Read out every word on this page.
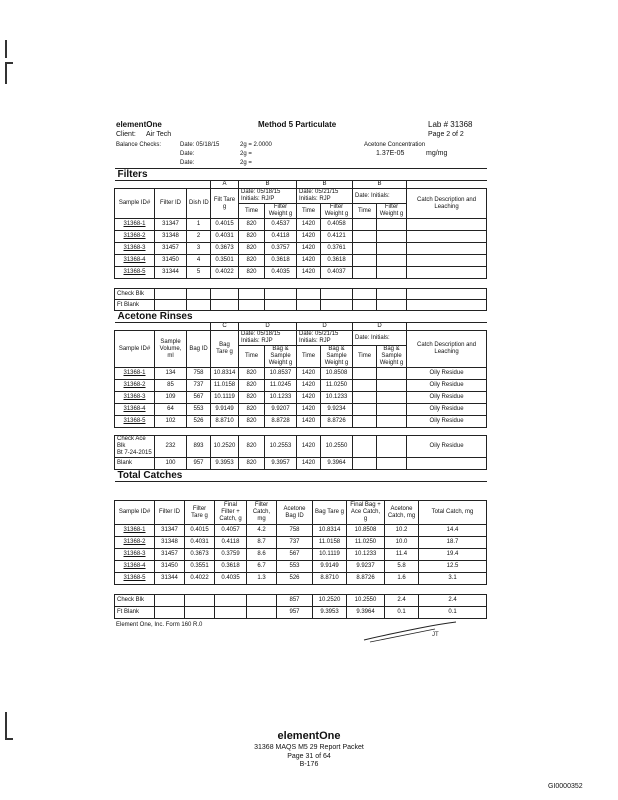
elementOne	Method 5 Particulate	Lab # 31368
Client: Air Tech	Page 2 of 2
Balance Checks:	Date: 05/18/15
Date:
Date:
2g = 2.0000
2g =
2g =
Acetone Concentration
1.37E-05	mg/mg
Filters										
			A	B		B		B		
Sample ID#	Filter ID	Dish ID	Filt Tare g	Date: 05/18/15 Initials: RJ/P		Date: 05/21/15 Initials: RJP		Date: Initials:		Catch Description and Leaching
				Time	Filter Weight g	Time	Filter Weight g	Time	Filter Weight g	
31368-1	31347	1	0.4015	820	0.4537	1420	0.4058			
31368-2	31348	2	0.4031	820	0.4118	1420	0.4121			
31368-3	31457	3	0.3673	820	0.3757	1420	0.3761			
31368-4	31450	4	0.3501	820	0.3618	1420	0.3618			
31368-5	31344	5	0.4022	820	0.4035	1420	0.4037			

Check Blk										
Ft Blank										
Acetone Rinses										
			C	D		D		D		
Sample ID#	Sample Volume, ml	Bag ID	Bag Tare g	Date: 05/18/15 Initials: RJP		Date: 05/21/15 Initials: RJP		Date: Initials:		Catch Description and Leaching
				Time	Bag & Sample Weight g	Time	Bag & Sample Weight g	Time	Bag & Sample Weight g	
31368-1	134	758	10.8314	820	10.8537	1420	10.8508			Oily Residue
31368-2	85	737	11.0158	820	11.0245	1420	11.0250			Oily Residue
31368-3	109	567	10.1119	820	10.1233	1420	10.1233			Oily Residue
31368-4	64	553	9.9149	820	9.9207	1420	9.9234			Oily Residue
31368-5	102	526	8.8710	820	8.8728	1420	8.8726			Oily Residue

Check Ace Blk
Bt 7-24-2015	232	893	10.2520	820	10.2553	1420	10.2550			Oily Residue
Blank	100	957	9.3953	820	9.3957	1420	9.3964			
Total Catches										
Sample ID#	Filter ID	Filter Tare g	Final Filter + Catch, g	Filter Catch, mg	Acetone Bag ID	Bag Tare g	Final Bag + Ace Catch, g	Acetone Catch, mg	Total Catch, mg
31368-1	31347	0.4015	0.4057	4.2	758	10.8314	10.8508	10.2	14.4
31368-2	31348	0.4031	0.4118	8.7	737	11.0158	11.0250	10.0	18.7
31368-3	31457	0.3673	0.3759	8.6	567	10.1119	10.1233	11.4	19.4
31368-4	31450	0.3551	0.3618	6.7	553	9.9149	9.9237	5.8	12.5
31368-5	31344	0.4022	0.4035	1.3	526	8.8710	8.8726	1.6	3.1

Check Blk					857	10.2520	10.2550	2.4	2.4
Ft Blank					957	9.3953	9.3964	0.1	0.1
Element One, Inc. Form 160 R.0
JT
elementOne
31368 MAQS M5 29 Report Packet
Page 31 of 64
B-176
GI0000352
